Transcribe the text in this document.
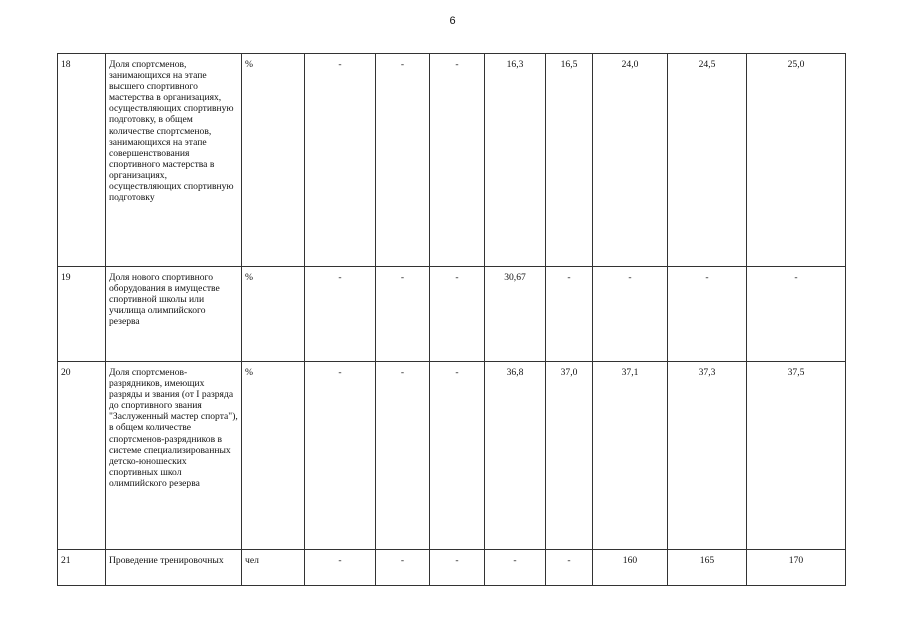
6
18	Доля спортсменов, занимающихся на этапе высшего спортивного мастерства в организациях, осуществляющих спортивную подготовку, в общем количестве спортсменов, занимающихся на этапе совершенствования спортивного мастерства в организациях, осуществляющих спортивную подготовку	%	-	-	-	16,3	16,5	24,0	24,5	25,0
19	Доля нового спортивного оборудования в имуществе спортивной школы или училища олимпийского резерва	%	-	-	-	30,67	-	-	-	-
20	Доля спортсменов-разрядников, имеющих разряды и звания (от I разряда до спортивного звания "Заслуженный мастер спорта"), в общем количестве спортсменов-разрядников в системе специализированных детско-юношеских спортивных школ олимпийского резерва	%	-	-	-	36,8	37,0	37,1	37,3	37,5
21	Проведение тренировочных	чел	-	-	-	-	-	160	165	170
